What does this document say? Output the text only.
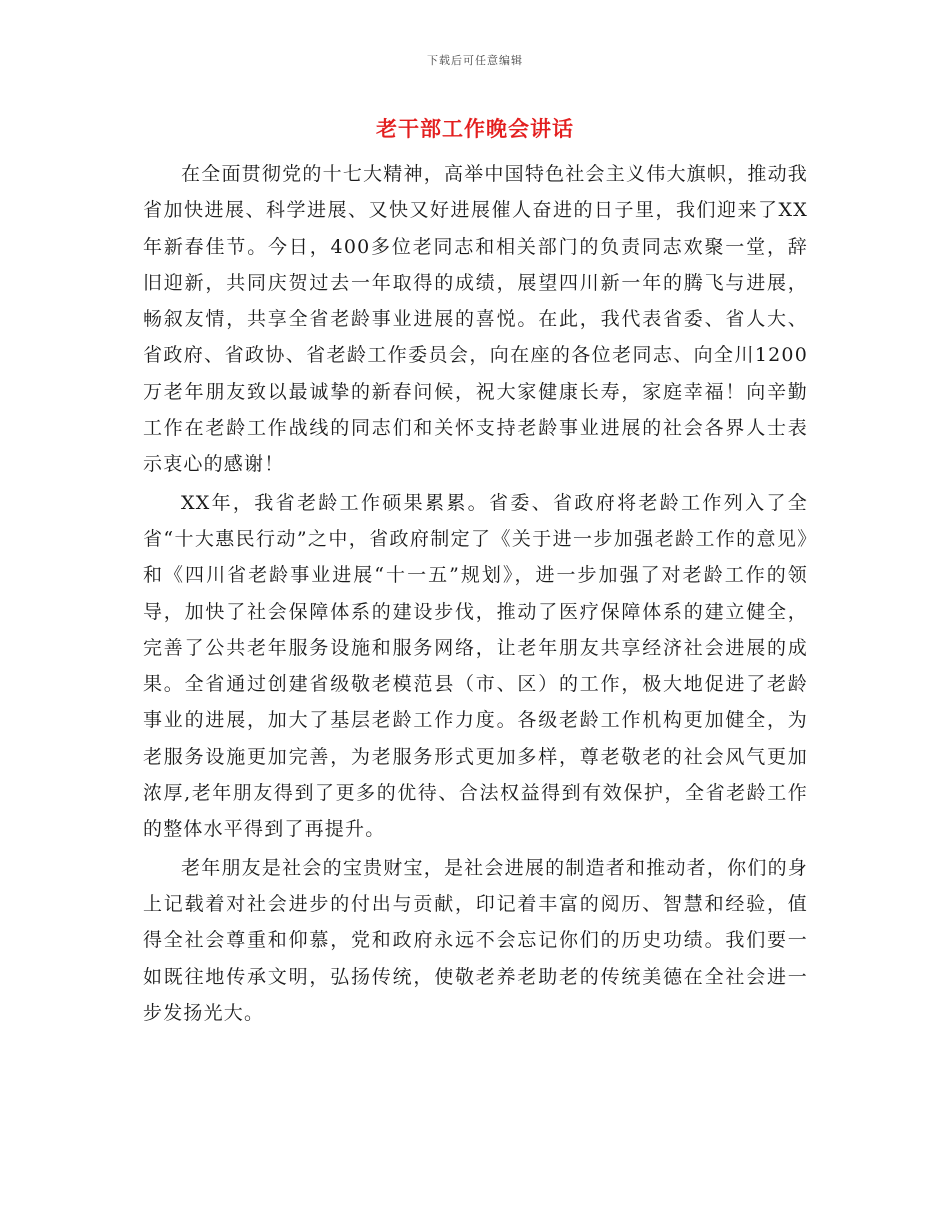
下载后可任意编辑
老干部工作晚会讲话

在全面贯彻党的十七大精神，高举中国特色社会主义伟大旗帜，推动我省加快进展、科学进展、又快又好进展催人奋进的日子里，我们迎来了XX年新春佳节。今日，400多位老同志和相关部门的负责同志欢聚一堂，辞旧迎新，共同庆贺过去一年取得的成绩，展望四川新一年的腾飞与进展，畅叙友情，共享全省老龄事业进展的喜悦。在此，我代表省委、省人大、省政府、省政协、省老龄工作委员会，向在座的各位老同志、向全川1200万老年朋友致以最诚挚的新春问候，祝大家健康长寿，家庭幸福！向辛勤工作在老龄工作战线的同志们和关怀支持老龄事业进展的社会各界人士表示衷心的感谢！

XX年，我省老龄工作硕果累累。省委、省政府将老龄工作列入了全省“十大惠民行动”之中，省政府制定了《关于进一步加强老龄工作的意见》和《四川省老龄事业进展“十一五”规划》，进一步加强了对老龄工作的领导，加快了社会保障体系的建设步伐，推动了医疗保障体系的建立健全，完善了公共老年服务设施和服务网络，让老年朋友共享经济社会进展的成果。全省通过创建省级敬老模范县（市、区）的工作，极大地促进了老龄事业的进展，加大了基层老龄工作力度。各级老龄工作机构更加健全，为老服务设施更加完善，为老服务形式更加多样，尊老敬老的社会风气更加浓厚,老年朋友得到了更多的优待、合法权益得到有效保护，全省老龄工作的整体水平得到了再提升。

老年朋友是社会的宝贵财宝，是社会进展的制造者和推动者，你们的身上记载着对社会进步的付出与贡献，印记着丰富的阅历、智慧和经验，值得全社会尊重和仰慕，党和政府永远不会忘记你们的历史功绩。我们要一如既往地传承文明，弘扬传统，使敬老养老助老的传统美德在全社会进一步发扬光大。
